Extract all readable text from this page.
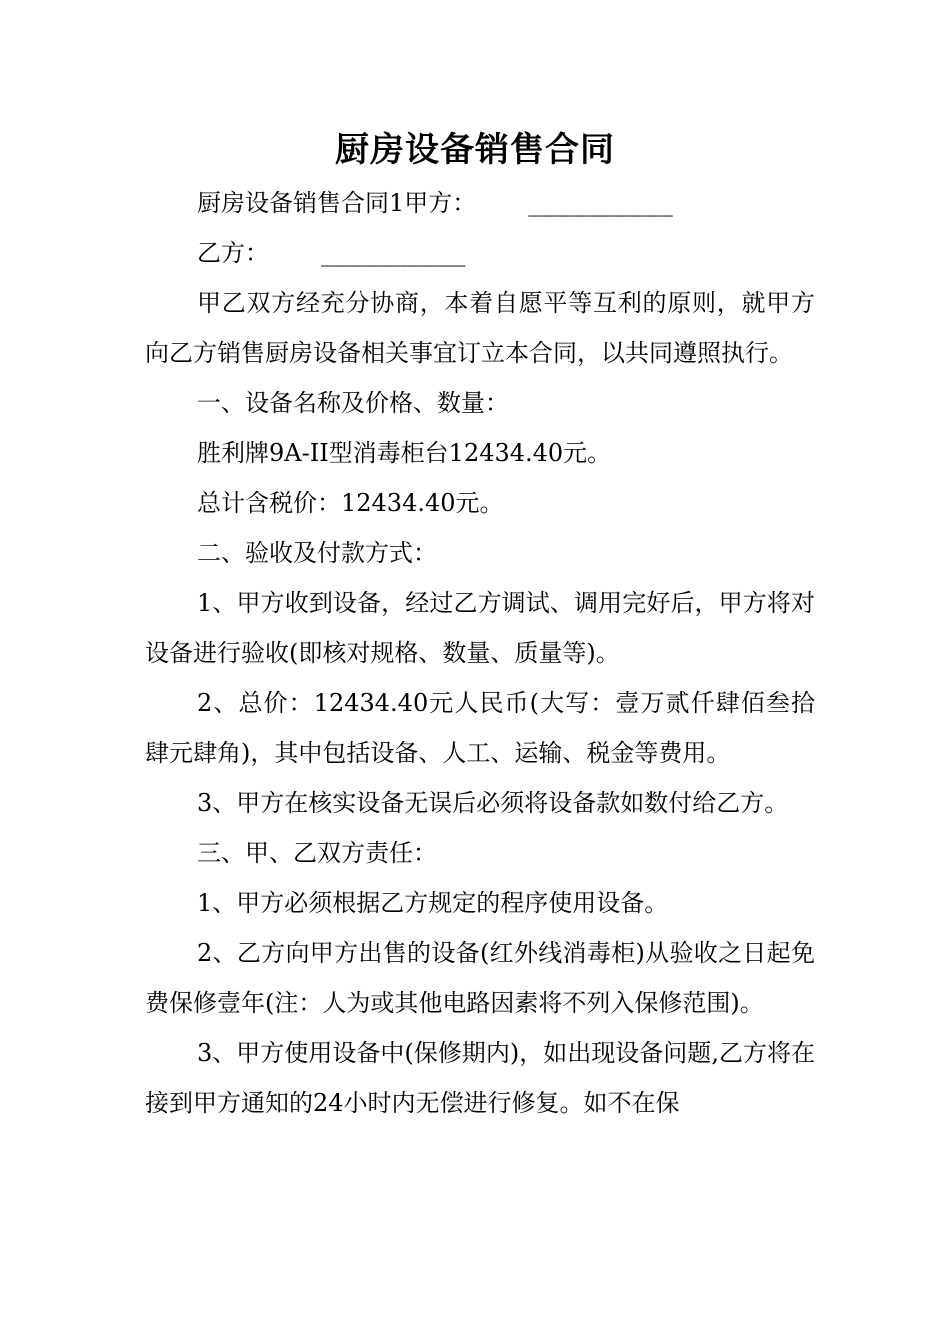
厨房设备销售合同

厨房设备销售合同1甲方： __________

乙方： __________

甲乙双方经充分协商，本着自愿平等互利的原则，就甲方向乙方销售厨房设备相关事宜订立本合同，以共同遵照执行。

一、设备名称及价格、数量：

胜利牌9A-II型消毒柜台12434.40元。

总计含税价：12434.40元。

二、验收及付款方式：

1、甲方收到设备，经过乙方调试、调用完好后，甲方将对设备进行验收(即核对规格、数量、质量等)。

2、总价：12434.40元人民币(大写：壹万贰仟肆佰叁拾肆元肆角)，其中包括设备、人工、运输、税金等费用。

3、甲方在核实设备无误后必须将设备款如数付给乙方。

三、甲、乙双方责任：

1、甲方必须根据乙方规定的程序使用设备。

2、乙方向甲方出售的设备(红外线消毒柜)从验收之日起免费保修壹年(注：人为或其他电路因素将不列入保修范围)。

3、甲方使用设备中(保修期内)，如出现设备问题,乙方将在接到甲方通知的24小时内无偿进行修复。如不在保
